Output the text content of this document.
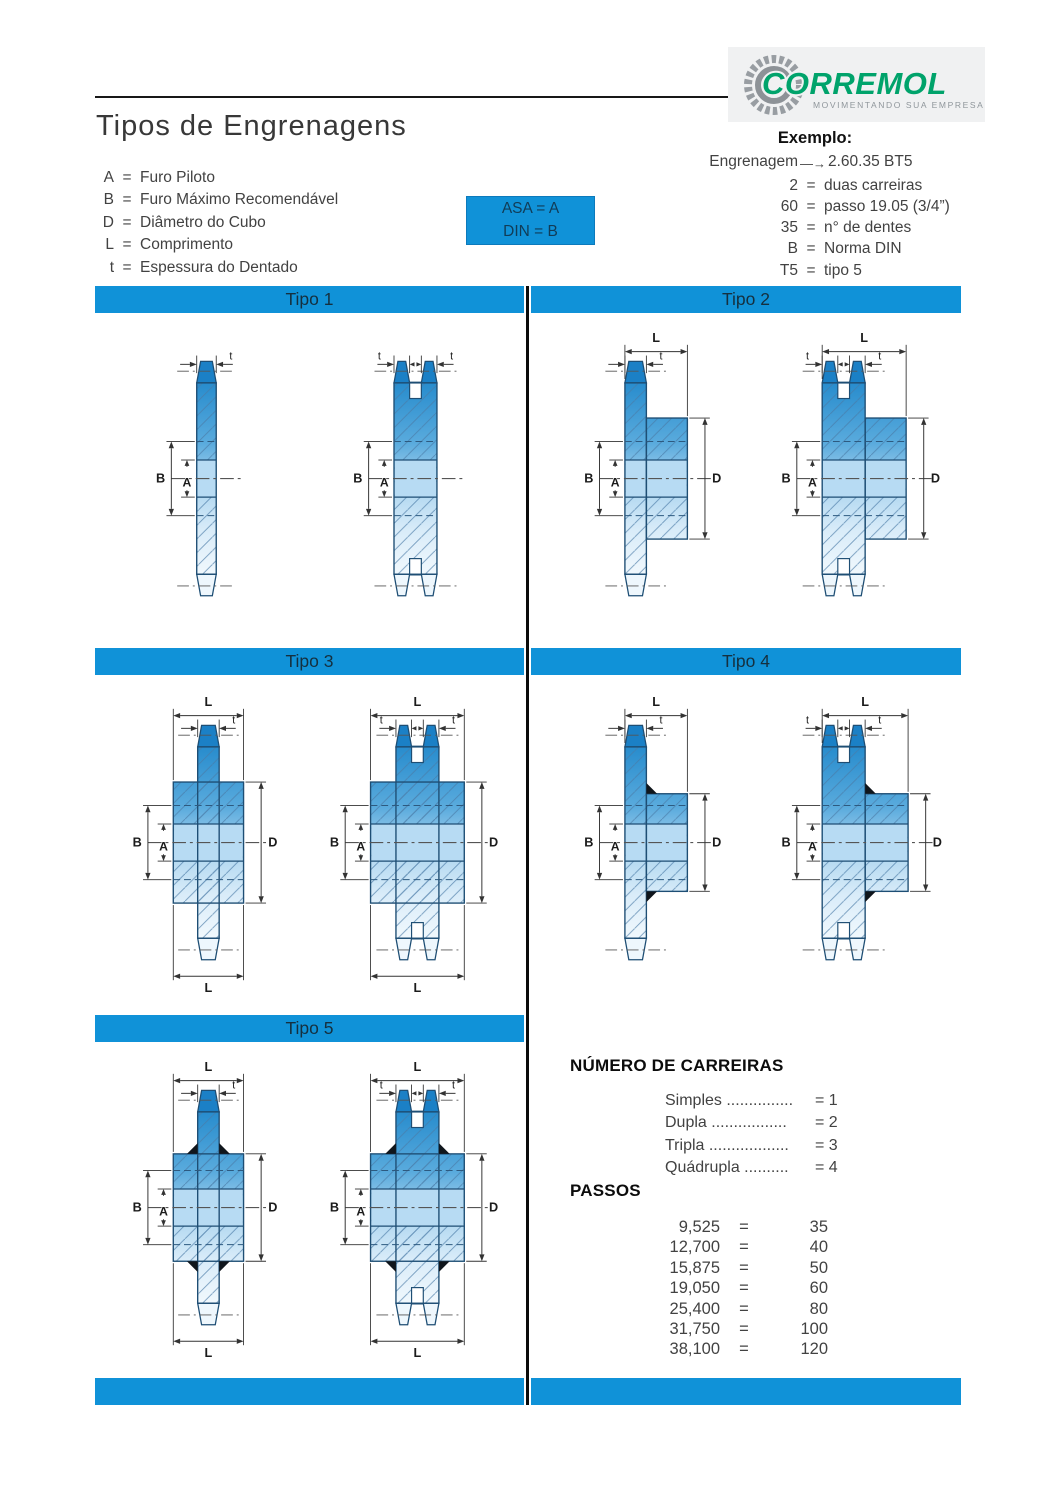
CORREMOL
MOVIMENTANDO SUA EMPRESA
Tipos de Engrenagens
A = Furo Piloto
B = Furo Máximo Recomendável
D = Diâmetro do Cubo
L = Comprimento
t = Espessura do Dentado
ASA = A
DIN = B
Exemplo:
Engrenagem —→ 2.60.35 BT5
2 = duas carreiras
60 = passo 19.05 (3/4”)
35 = n° de dentes
B = Norma DIN
T5 = tipo 5
Tipo 1	Tipo 2
Tipo 3	Tipo 4
Tipo 5
t
B A
t	t
B A
t
B A	D
L
t	t
B A	D
L
t
B A	D
L
L
t	t
B A	D
L
L
t
B A	D
L
t	t
B A	D
L
t
B A	D
L
L
t	t
B A	D
L
L
NÚMERO DE CARREIRAS
Simples ...............	= 1
Dupla .................	= 2
Tripla ..................	= 3
Quádrupla ..........	= 4
PASSOS
9,525	=	35
12,700	=	40
15,875	=	50
19,050	=	60
25,400	=	80
31,750	=	100
38,100	=	120
